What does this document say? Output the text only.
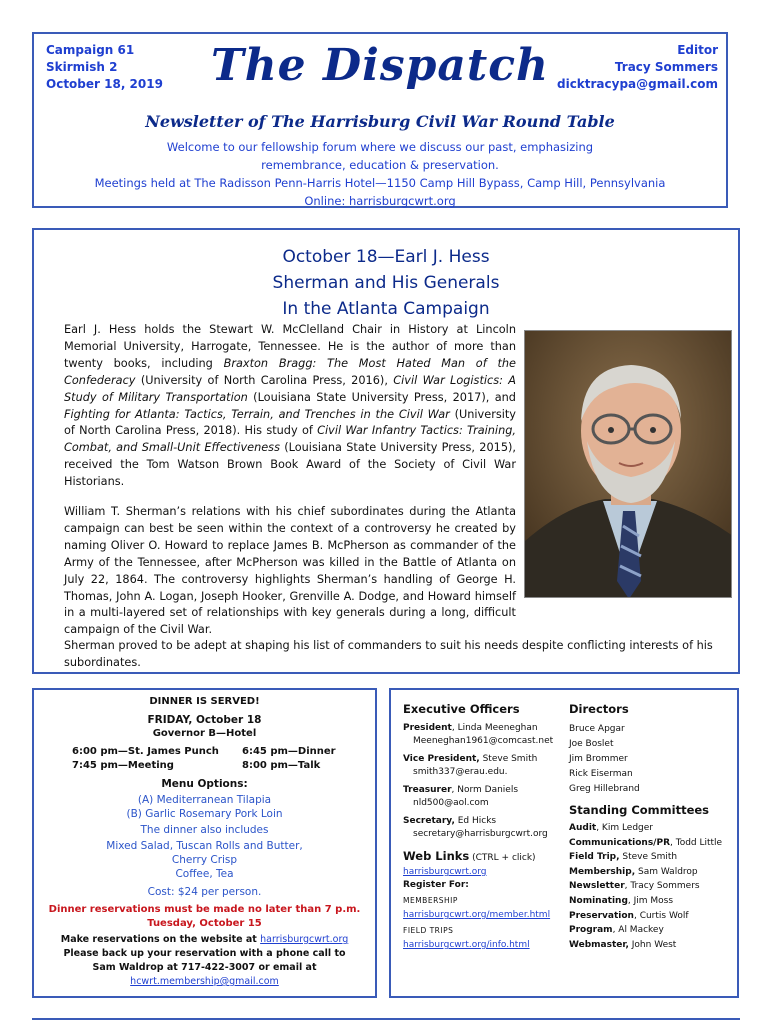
Campaign 61
Skirmish 2
October 18, 2019	The Dispatch	Editor
Tracy Sommers
dicktracypa@gmail.com
Newsletter of The Harrisburg Civil War Round Table
Welcome to our fellowship forum where we discuss our past, emphasizing
remembrance, education & preservation.
Meetings held at The Radisson Penn-Harris Hotel—1150 Camp Hill Bypass, Camp Hill, Pennsylvania
Online: harrisburgcwrt.org
October 18—Earl J. Hess
Sherman and His Generals
In the Atlanta Campaign
Earl J. Hess holds the Stewart W. McClelland Chair in History at Lincoln Memorial University, Harrogate, Tennessee. He is the author of more than twenty books, including Braxton Bragg: The Most Hated Man of the Confederacy (University of North Carolina Press, 2016), Civil War Logistics: A Study of Military Transportation (Louisiana State University Press, 2017), and Fighting for Atlanta: Tactics, Terrain, and Trenches in the Civil War (University of North Carolina Press, 2018). His study of Civil War Infantry Tactics: Training, Combat, and Small-Unit Effectiveness (Louisiana State University Press, 2015), received the Tom Watson Brown Book Award of the Society of Civil War Historians.
William T. Sherman’s relations with his chief subordinates during the Atlanta campaign can best be seen within the context of a controversy he created by naming Oliver O. Howard to replace James B. McPherson as commander of the Army of the Tennessee, after McPherson was killed in the Battle of Atlanta on July 22, 1864. The controversy highlights Sherman’s handling of George H. Thomas, John A. Logan, Joseph Hooker, Grenville A. Dodge, and Howard himself in a multi-layered set of relationships with key generals during a long, difficult campaign of the Civil War.
Sherman proved to be adept at shaping his list of commanders to suit his needs despite conflicting interests of his subordinates.
DINNER IS SERVED!
FRIDAY, October 18
Governor B—Hotel
6:00 pm—St. James Punch 6:45 pm—Dinner
7:45 pm—Meeting	8:00 pm—Talk
Menu Options:
(A) Mediterranean Tilapia
(B) Garlic Rosemary Pork Loin
The dinner also includes
Mixed Salad, Tuscan Rolls and Butter,
Cherry Crisp
Coffee, Tea
Cost: $24 per person.
Dinner reservations must be made no later than 7 p.m.
Tuesday, October 15
Make reservations on the website at harrisburgcwrt.org
Please back up your reservation with a phone call to
Sam Waldrop at 717-422-3007 or email at
hcwrt.membership@gmail.com
Executive Officers
President, Linda Meeneghan
Meeneghan1961@comcast.net
Vice President, Steve Smith
smith337@erau.edu.
Treasurer, Norm Daniels
nld500@aol.com
Secretary, Ed Hicks
secretary@harrisburgcwrt.org
Web Links (CTRL + click)
harrisburgcwrt.org
Register For:
MEMBERSHIP
harrisburgcwrt.org/member.html
FIELD TRIPS
harrisburgcwrt.org/info.html
Directors
Bruce Apgar
Joe Boslet
Jim Brommer
Rick Eiserman
Greg Hillebrand
Standing Committees
Audit, Kim Ledger
Communications/PR, Todd Little
Field Trip, Steve Smith
Membership, Sam Waldrop
Newsletter, Tracy Sommers
Nominating, Jim Moss
Preservation, Curtis Wolf
Program, Al Mackey
Webmaster, John West
